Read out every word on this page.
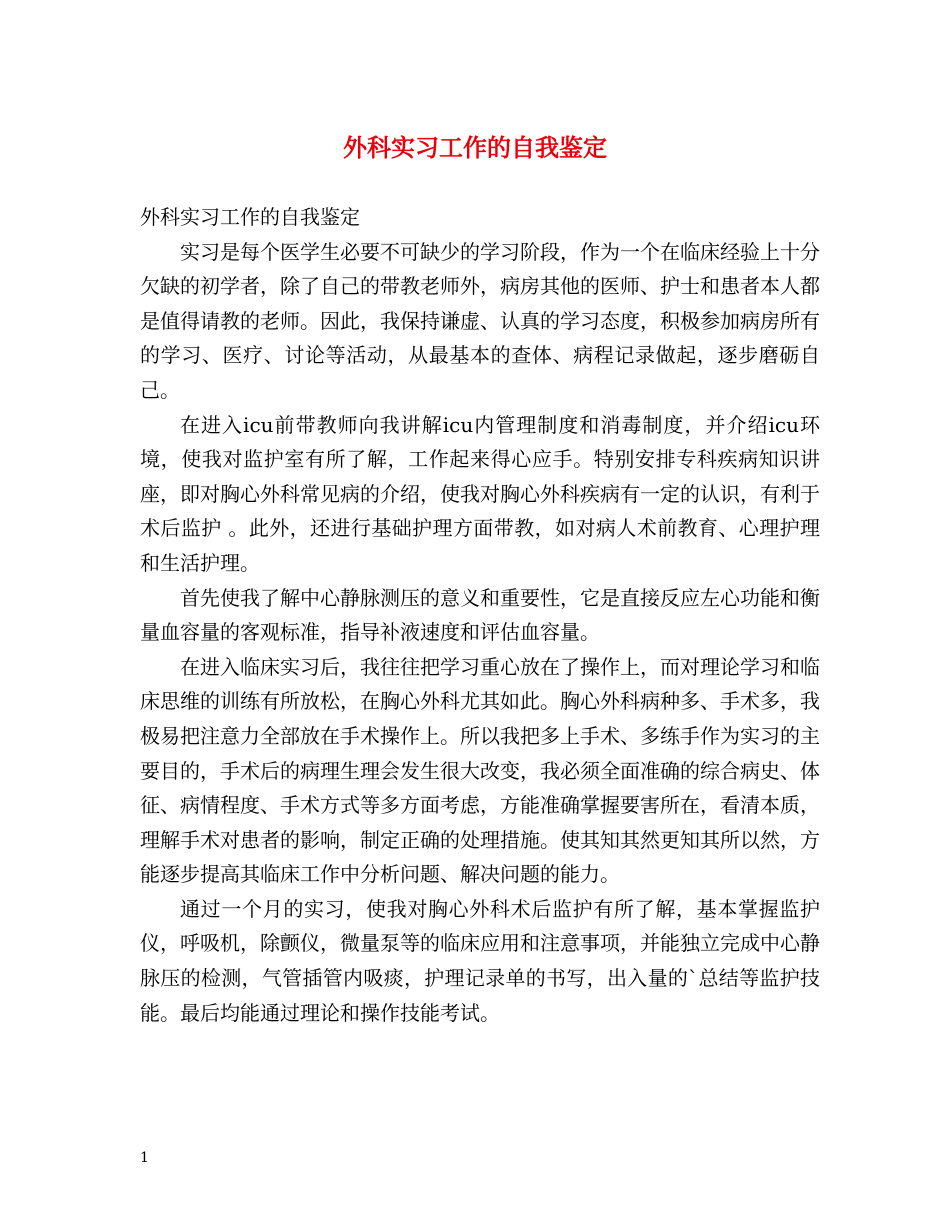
外科实习工作的自我鉴定

外科实习工作的自我鉴定

实习是每个医学生必要不可缺少的学习阶段，作为一个在临床经验上十分欠缺的初学者，除了自己的带教老师外，病房其他的医师、护士和患者本人都是值得请教的老师。因此，我保持谦虚、认真的学习态度，积极参加病房所有的学习、医疗、讨论等活动，从最基本的查体、病程记录做起，逐步磨砺自己。

在进入icu前带教师向我讲解icu内管理制度和消毒制度，并介绍icu环境，使我对监护室有所了解，工作起来得心应手。特别安排专科疾病知识讲座，即对胸心外科常见病的介绍，使我对胸心外科疾病有一定的认识，有利于术后监护 。此外，还进行基础护理方面带教，如对病人术前教育、心理护理和生活护理。

首先使我了解中心静脉测压的意义和重要性，它是直接反应左心功能和衡量血容量的客观标准，指导补液速度和评估血容量。

在进入临床实习后，我往往把学习重心放在了操作上，而对理论学习和临床思维的训练有所放松，在胸心外科尤其如此。胸心外科病种多、手术多，我极易把注意力全部放在手术操作上。所以我把多上手术、多练手作为实习的主要目的，手术后的病理生理会发生很大改变，我必须全面准确的综合病史、体征、病情程度、手术方式等多方面考虑，方能准确掌握要害所在，看清本质，理解手术对患者的影响，制定正确的处理措施。使其知其然更知其所以然，方能逐步提高其临床工作中分析问题、解决问题的能力。

通过一个月的实习，使我对胸心外科术后监护有所了解，基本掌握监护仪，呼吸机，除颤仪，微量泵等的临床应用和注意事项，并能独立完成中心静脉压的检测，气管插管内吸痰，护理记录单的书写，出入量的`总结等监护技能。最后均能通过理论和操作技能考试。

1
